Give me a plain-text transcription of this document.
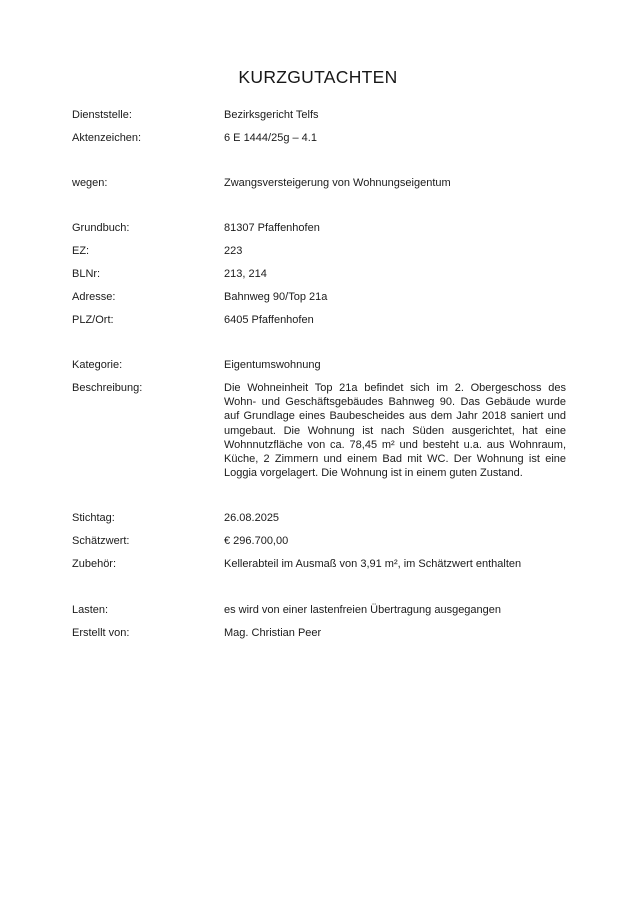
KURZGUTACHTEN
Dienststelle:	Bezirksgericht Telfs
Aktenzeichen:	6 E 1444/25g – 4.1
wegen:	Zwangsversteigerung von Wohnungseigentum
Grundbuch:	81307 Pfaffenhofen
EZ:	223
BLNr:	213, 214
Adresse:	Bahnweg 90/Top 21a
PLZ/Ort:	6405 Pfaffenhofen
Kategorie:	Eigentumswohnung
Beschreibung:	Die Wohneinheit Top 21a befindet sich im 2. Obergeschoss des Wohn- und Geschäftsgebäudes Bahnweg 90. Das Gebäude wurde auf Grundlage eines Baubescheides aus dem Jahr 2018 saniert und umgebaut. Die Wohnung ist nach Süden ausgerichtet, hat eine Wohnnutzfläche von ca. 78,45 m² und besteht u.a. aus Wohnraum, Küche, 2 Zimmern und einem Bad mit WC. Der Wohnung ist eine Loggia vorgelagert. Die Wohnung ist in einem guten Zustand.
Stichtag:	26.08.2025
Schätzwert:	€ 296.700,00
Zubehör:	Kellerabteil im Ausmaß von 3,91 m², im Schätzwert enthalten
Lasten:	es wird von einer lastenfreien Übertragung ausgegangen
Erstellt von:	Mag. Christian Peer
